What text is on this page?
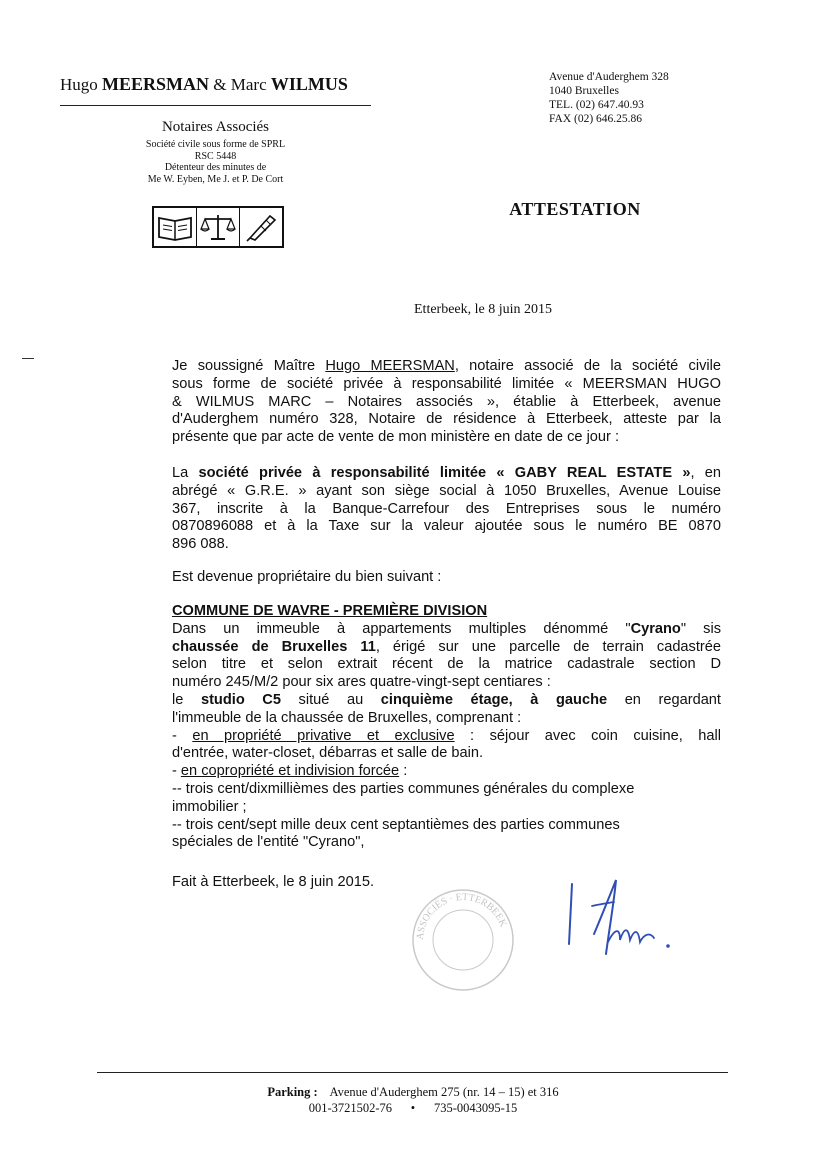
Hugo MEERSMAN & Marc WILMUS
Notaires Associés
Société civile sous forme de SPRL
RSC 5448
Détenteur des minutes de
Me W. Eyben, Me J. et P. De Cort
Avenue d'Auderghem 328
1040 Bruxelles
TEL. (02) 647.40.93
FAX (02) 646.25.86
ATTESTATION
Etterbeek, le 8 juin 2015
Je soussigné Maître Hugo MEERSMAN, notaire associé de la société civile
sous forme de société privée à responsabilité limitée « MEERSMAN HUGO
& WILMUS MARC – Notaires associés », établie à Etterbeek, avenue
d'Auderghem numéro 328, Notaire de résidence à Etterbeek, atteste par la
présente que par acte de vente de mon ministère en date de ce jour :
La société privée à responsabilité limitée « GABY REAL ESTATE », en
abrégé « G.R.E. » ayant son siège social à 1050 Bruxelles, Avenue Louise
367, inscrite à la Banque-Carrefour des Entreprises sous le numéro
0870896088 et à la Taxe sur la valeur ajoutée sous le numéro BE 0870
896 088.
Est devenue propriétaire du bien suivant :
COMMUNE DE WAVRE - PREMIÈRE DIVISION
Dans un immeuble à appartements multiples dénommé "Cyrano" sis
chaussée de Bruxelles 11, érigé sur une parcelle de terrain cadastrée
selon titre et selon extrait récent de la matrice cadastrale section D
numéro 245/M/2 pour six ares quatre-vingt-sept centiares :
le studio C5 situé au cinquième étage, à gauche en regardant
l'immeuble de la chaussée de Bruxelles, comprenant :
- en propriété privative et exclusive : séjour avec coin cuisine, hall
d'entrée, water-closet, débarras et salle de bain.
- en copropriété et indivision forcée :
-- trois cent/dixmillièmes des parties communes générales du complexe
immobilier ;
-- trois cent/sept mille deux cent septantièmes des parties communes
spéciales de l'entité "Cyrano",
Fait à Etterbeek, le 8 juin 2015.
ASSOCIÉS · ETTERBEEK
Parking : Avenue d'Auderghem 275 (nr. 14 – 15) et 316
001-3721502-76 • 735-0043095-15
